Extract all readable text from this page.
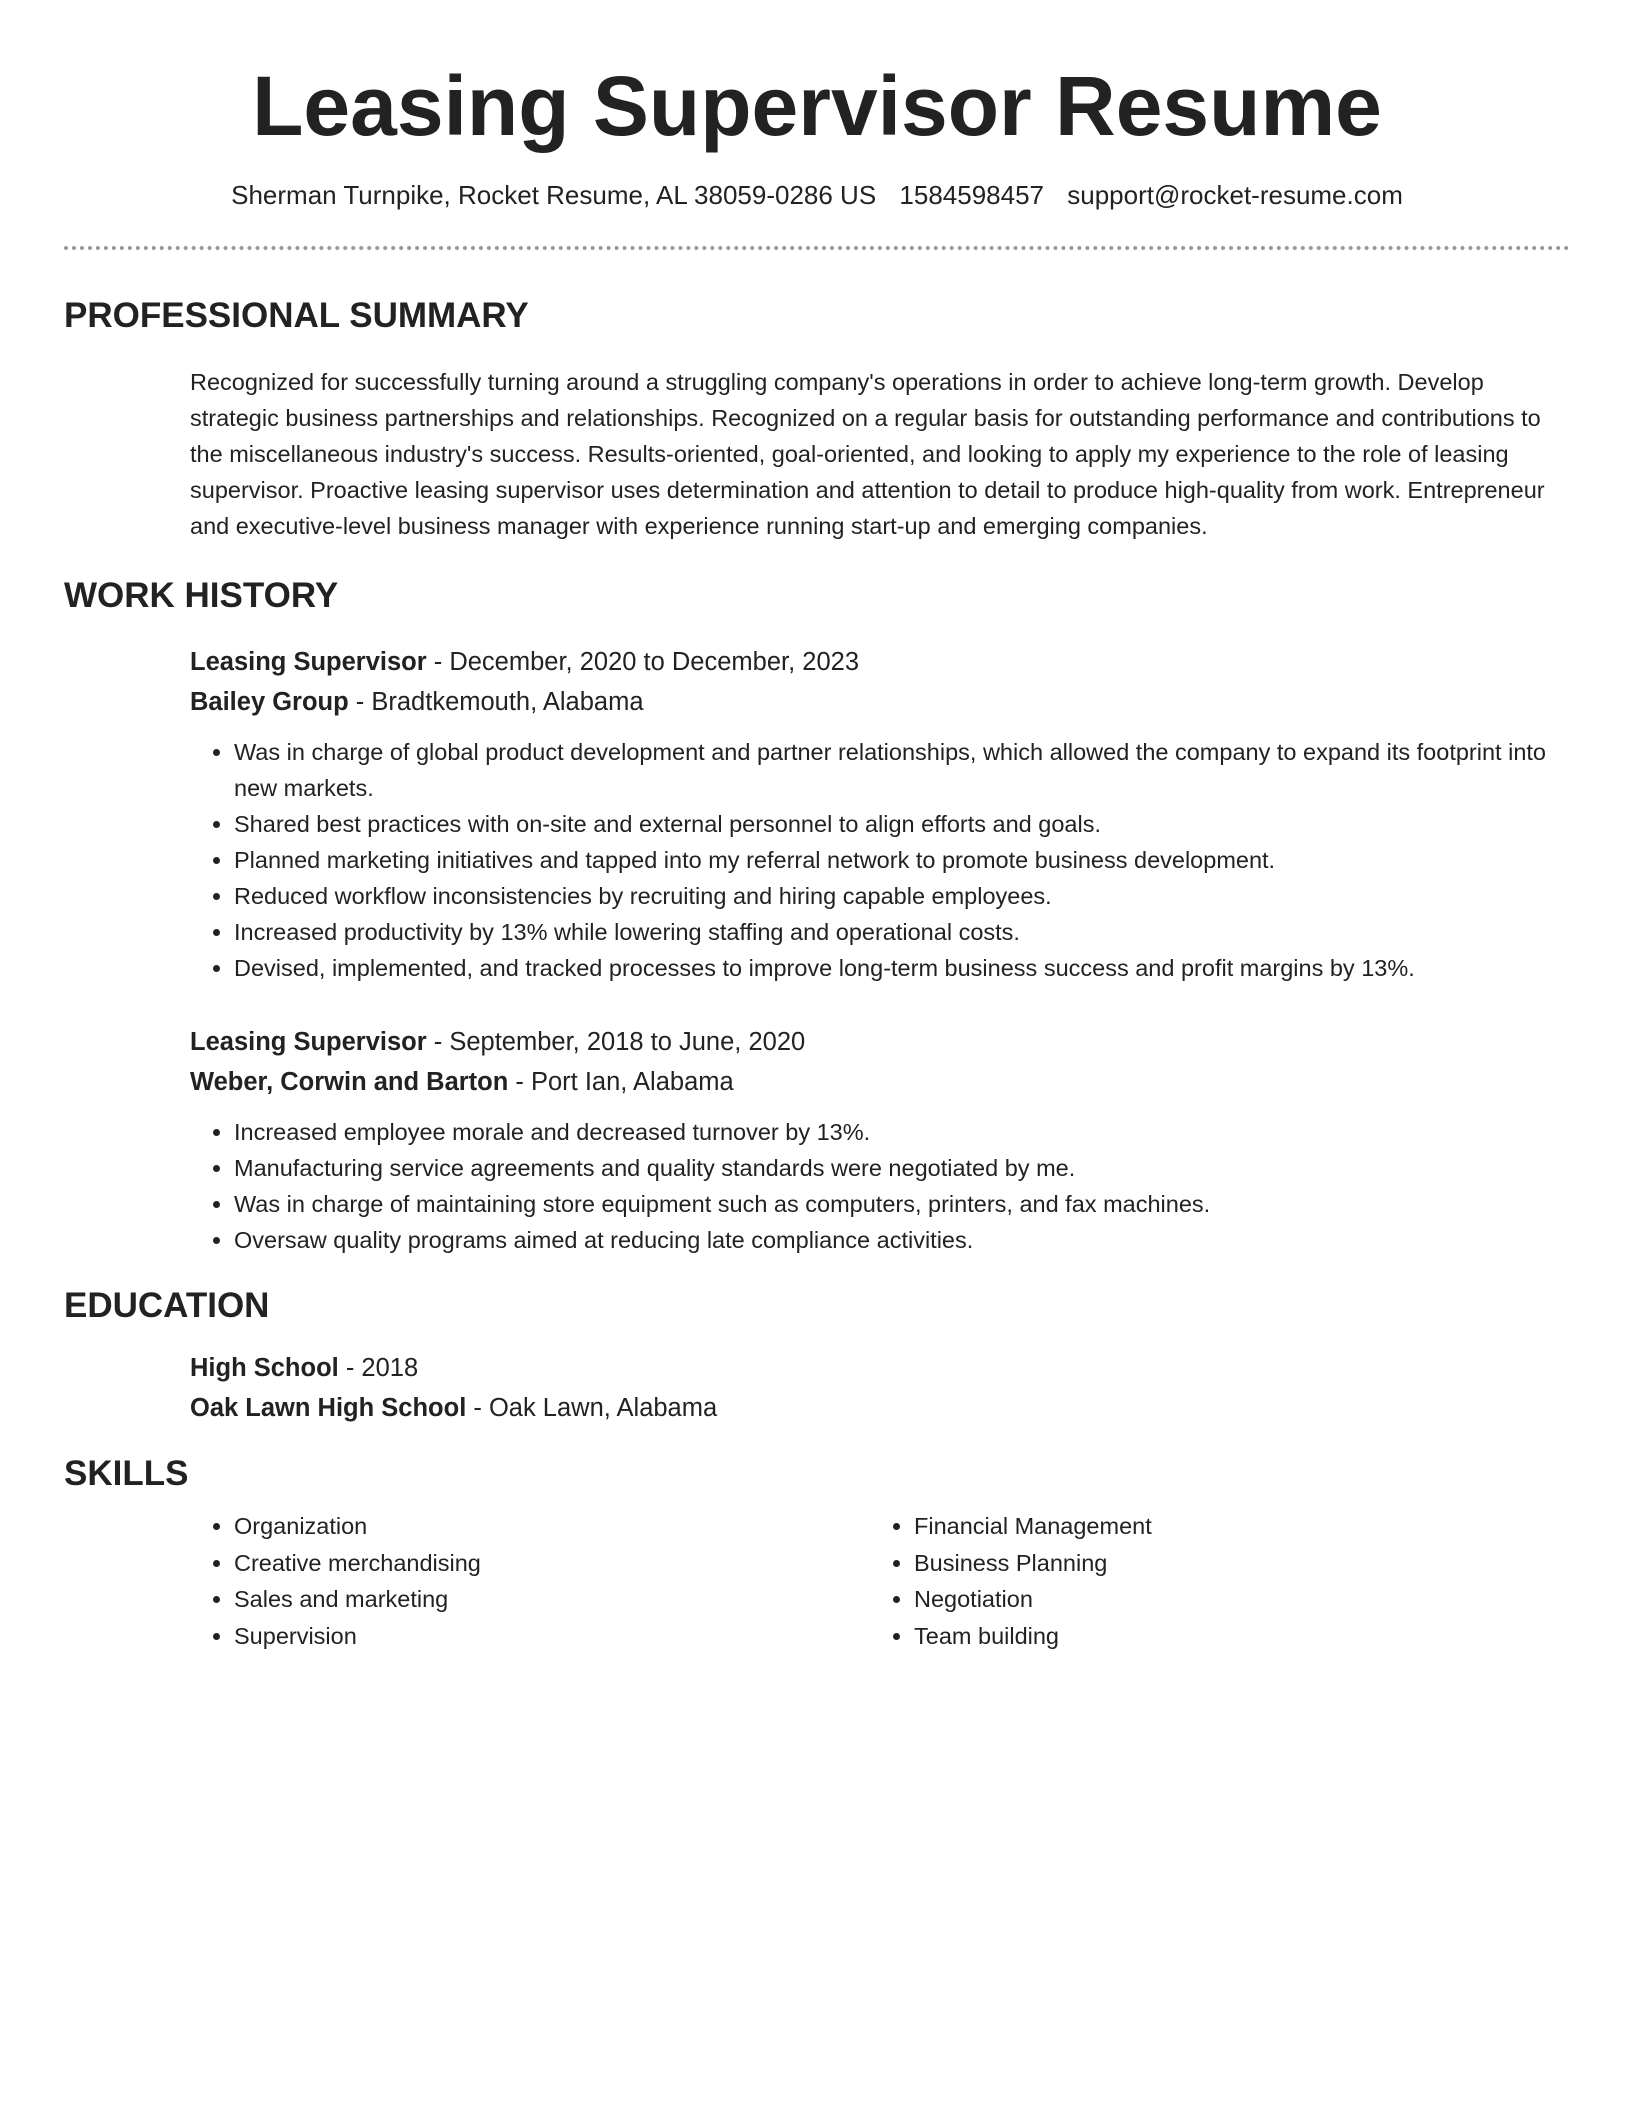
Leasing Supervisor Resume
Sherman Turnpike, Rocket Resume, AL 38059-0286 US 1584598457 support@rocket-resume.com
PROFESSIONAL SUMMARY

Recognized for successfully turning around a struggling company's operations in order to achieve long-term growth. Develop strategic business partnerships and relationships. Recognized on a regular basis for outstanding performance and contributions to the miscellaneous industry's success. Results-oriented, goal-oriented, and looking to apply my experience to the role of leasing supervisor. Proactive leasing supervisor uses determination and attention to detail to produce high-quality from work. Entrepreneur and executive-level business manager with experience running start-up and emerging companies.

WORK HISTORY
Leasing Supervisor - December, 2020 to December, 2023
Bailey Group - Bradtkemouth, Alabama
• Was in charge of global product development and partner relationships, which allowed the company to expand its footprint into new markets.
• Shared best practices with on-site and external personnel to align efforts and goals.
• Planned marketing initiatives and tapped into my referral network to promote business development.
• Reduced workflow inconsistencies by recruiting and hiring capable employees.
• Increased productivity by 13% while lowering staffing and operational costs.
• Devised, implemented, and tracked processes to improve long-term business success and profit margins by 13%.
Leasing Supervisor - September, 2018 to June, 2020
Weber, Corwin and Barton - Port Ian, Alabama
• Increased employee morale and decreased turnover by 13%.
• Manufacturing service agreements and quality standards were negotiated by me.
• Was in charge of maintaining store equipment such as computers, printers, and fax machines.
• Oversaw quality programs aimed at reducing late compliance activities.
EDUCATION
High School - 2018
Oak Lawn High School - Oak Lawn, Alabama
SKILLS
• Organization
• Creative merchandising
• Sales and marketing
• Supervision
• Financial Management
• Business Planning
• Negotiation
• Team building
